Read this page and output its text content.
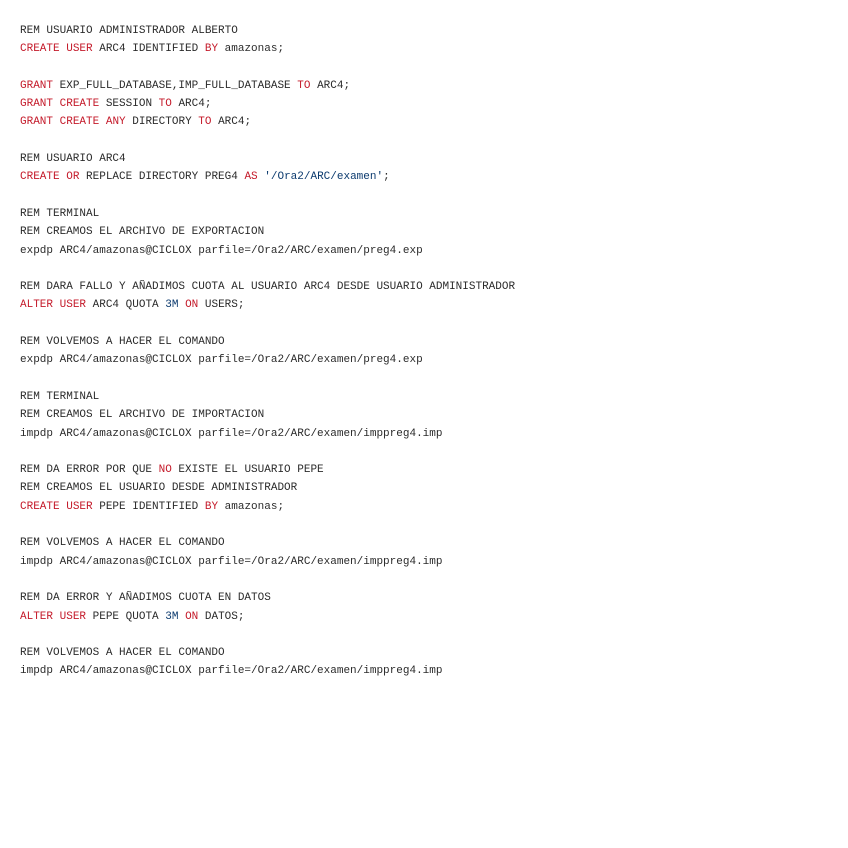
REM USUARIO ADMINISTRADOR ALBERTO
CREATE USER ARC4 IDENTIFIED BY amazonas;
GRANT EXP_FULL_DATABASE,IMP_FULL_DATABASE TO ARC4;
GRANT CREATE SESSION TO ARC4;
GRANT CREATE ANY DIRECTORY TO ARC4;
REM USUARIO ARC4
CREATE OR REPLACE DIRECTORY PREG4 AS '/Ora2/ARC/examen';
REM TERMINAL
REM CREAMOS EL ARCHIVO DE EXPORTACION
expdp ARC4/amazonas@CICLOX parfile=/Ora2/ARC/examen/preg4.exp
REM DARA FALLO Y AÑADIMOS CUOTA AL USUARIO ARC4 DESDE USUARIO ADMINISTRADOR
ALTER USER ARC4 QUOTA 3M ON USERS;
REM VOLVEMOS A HACER EL COMANDO
expdp ARC4/amazonas@CICLOX parfile=/Ora2/ARC/examen/preg4.exp
REM TERMINAL
REM CREAMOS EL ARCHIVO DE IMPORTACION
impdp ARC4/amazonas@CICLOX parfile=/Ora2/ARC/examen/imppreg4.imp
REM DA ERROR POR QUE NO EXISTE EL USUARIO PEPE
REM CREAMOS EL USUARIO DESDE ADMINISTRADOR
CREATE USER PEPE IDENTIFIED BY amazonas;
REM VOLVEMOS A HACER EL COMANDO
impdp ARC4/amazonas@CICLOX parfile=/Ora2/ARC/examen/imppreg4.imp
REM DA ERROR Y AÑADIMOS CUOTA EN DATOS
ALTER USER PEPE QUOTA 3M ON DATOS;
REM VOLVEMOS A HACER EL COMANDO
impdp ARC4/amazonas@CICLOX parfile=/Ora2/ARC/examen/imppreg4.imp
